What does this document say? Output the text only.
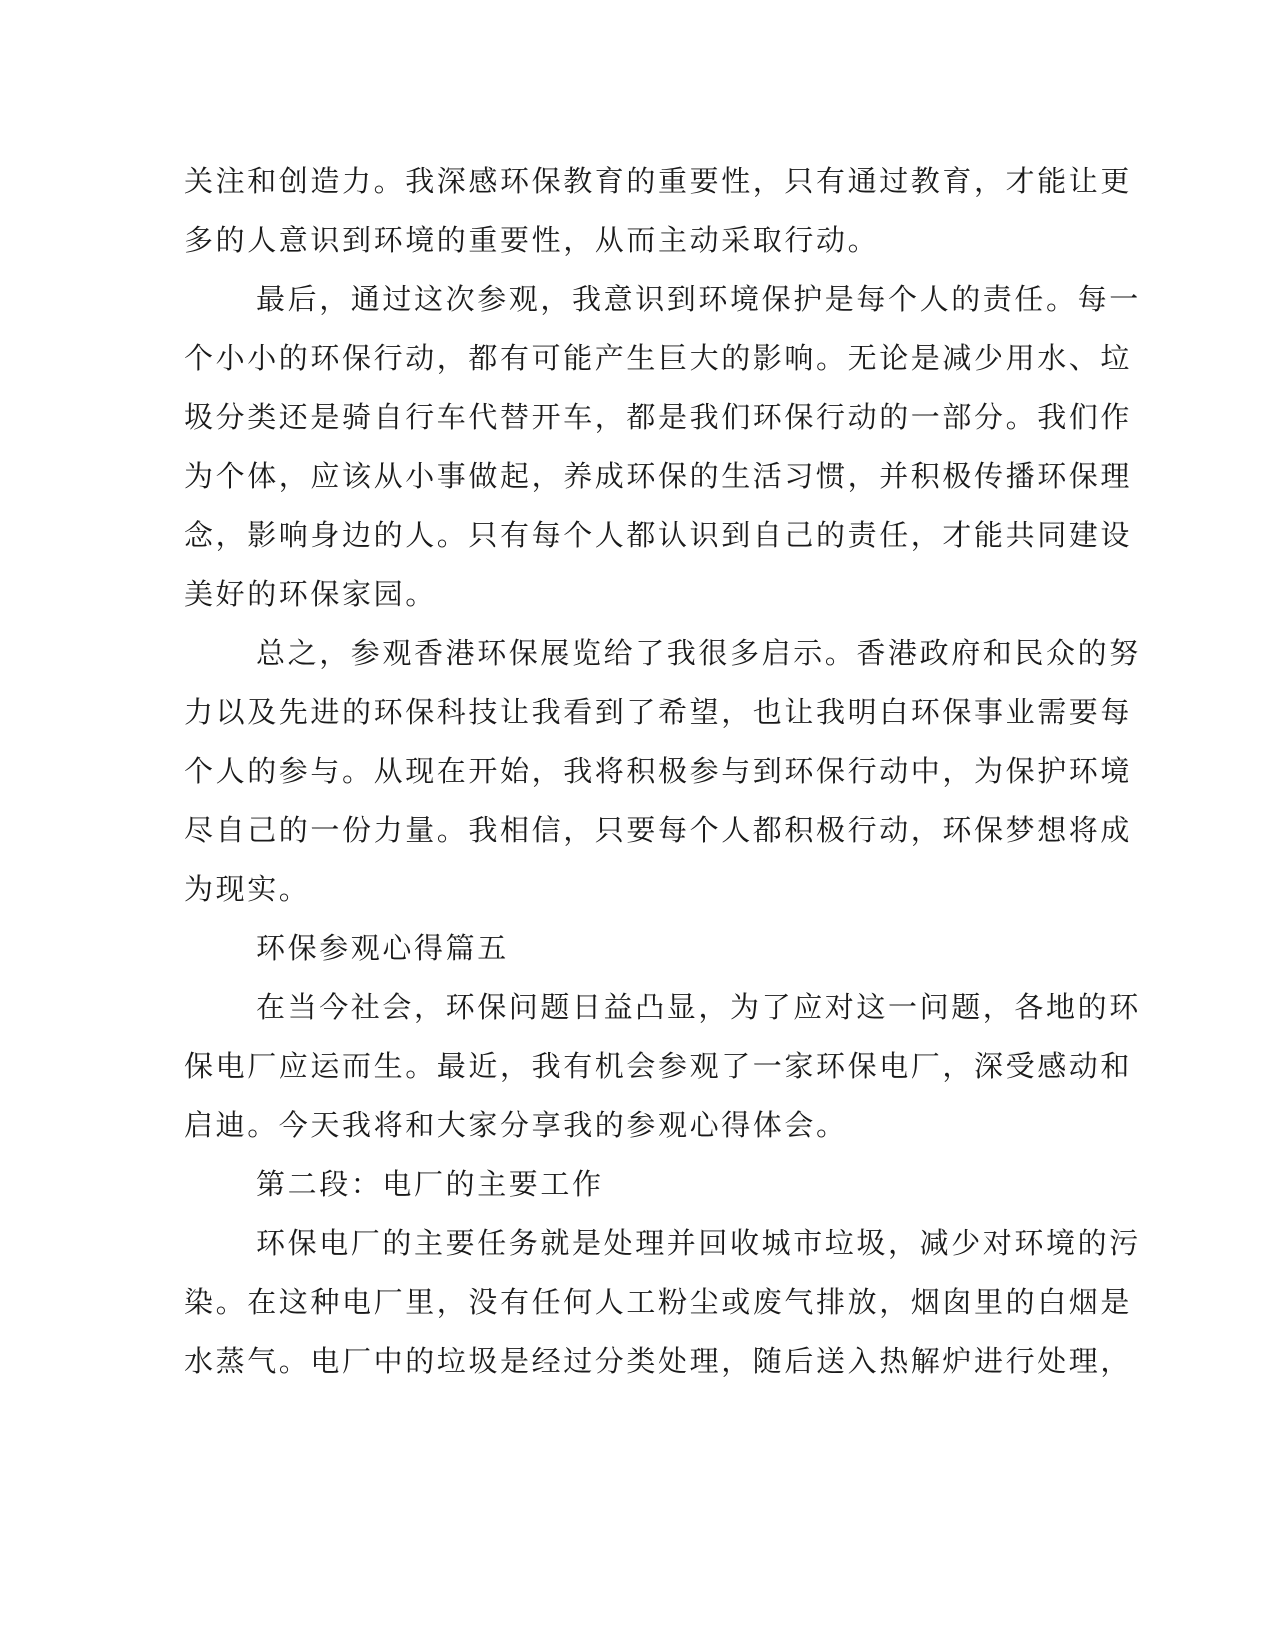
关注和创造力。我深感环保教育的重要性，只有通过教育，才能让更
多的人意识到环境的重要性，从而主动采取行动。
最后，通过这次参观，我意识到环境保护是每个人的责任。每一
个小小的环保行动，都有可能产生巨大的影响。无论是减少用水、垃
圾分类还是骑自行车代替开车，都是我们环保行动的一部分。我们作
为个体，应该从小事做起，养成环保的生活习惯，并积极传播环保理
念，影响身边的人。只有每个人都认识到自己的责任，才能共同建设
美好的环保家园。
总之，参观香港环保展览给了我很多启示。香港政府和民众的努
力以及先进的环保科技让我看到了希望，也让我明白环保事业需要每
个人的参与。从现在开始，我将积极参与到环保行动中，为保护环境
尽自己的一份力量。我相信，只要每个人都积极行动，环保梦想将成
为现实。
环保参观心得篇五
在当今社会，环保问题日益凸显，为了应对这一问题，各地的环
保电厂应运而生。最近，我有机会参观了一家环保电厂，深受感动和
启迪。今天我将和大家分享我的参观心得体会。
第二段：电厂的主要工作
环保电厂的主要任务就是处理并回收城市垃圾，减少对环境的污
染。在这种电厂里，没有任何人工粉尘或废气排放，烟囱里的白烟是
水蒸气。电厂中的垃圾是经过分类处理，随后送入热解炉进行处理，
